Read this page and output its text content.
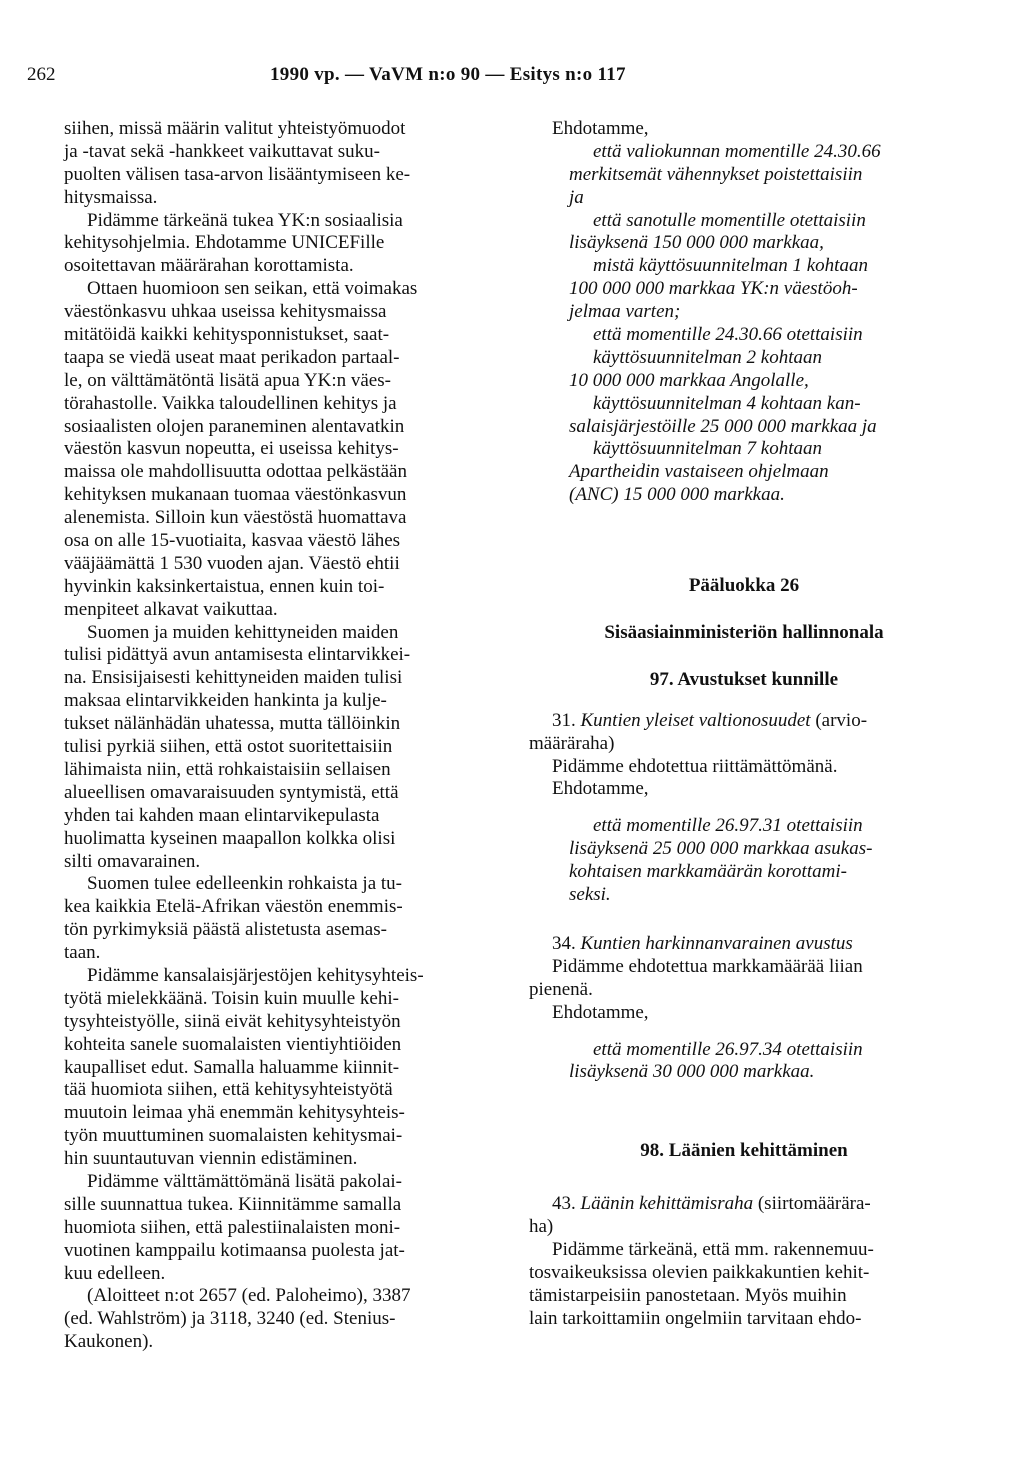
262	1990 vp. — VaVM n:o 90 — Esitys n:o 117
siihen, missä määrin valitut yhteistyömuodot
ja -tavat sekä -hankkeet vaikuttavat suku-
puolten välisen tasa-arvon lisääntymiseen ke-
hitysmaissa.
Pidämme tärkeänä tukea YK:n sosiaalisia
kehitysohjelmia. Ehdotamme UNICEFille
osoitettavan määrärahan korottamista.
Ottaen huomioon sen seikan, että voimakas
väestönkasvu uhkaa useissa kehitysmaissa
mitätöidä kaikki kehitysponnistukset, saat-
taapa se viedä useat maat perikadon partaal-
le, on välttämätöntä lisätä apua YK:n väes-
törahastolle. Vaikka taloudellinen kehitys ja
sosiaalisten olojen paraneminen alentavatkin
väestön kasvun nopeutta, ei useissa kehitys-
maissa ole mahdollisuutta odottaa pelkästään
kehityksen mukanaan tuomaa väestönkasvun
alenemista. Silloin kun väestöstä huomattava
osa on alle 15-vuotiaita, kasvaa väestö lähes
vääjäämättä 1 530 vuoden ajan. Väestö ehtii
hyvinkin kaksinkertaistua, ennen kuin toi-
menpiteet alkavat vaikuttaa.
Suomen ja muiden kehittyneiden maiden
tulisi pidättyä avun antamisesta elintarvikkei-
na. Ensisijaisesti kehittyneiden maiden tulisi
maksaa elintarvikkeiden hankinta ja kulje-
tukset nälänhädän uhatessa, mutta tällöinkin
tulisi pyrkiä siihen, että ostot suoritettaisiin
lähimaista niin, että rohkaistaisiin sellaisen
alueellisen omavaraisuuden syntymistä, että
yhden tai kahden maan elintarvikepulasta
huolimatta kyseinen maapallon kolkka olisi
silti omavarainen.
Suomen tulee edelleenkin rohkaista ja tu-
kea kaikkia Etelä-Afrikan väestön enemmis-
tön pyrkimyksiä päästä alistetusta asemas-
taan.
Pidämme kansalaisjärjestöjen kehitysyhteis-
työtä mielekkäänä. Toisin kuin muulle kehi-
tysyhteistyölle, siinä eivät kehitysyhteistyön
kohteita sanele suomalaisten vientiyhtiöiden
kaupalliset edut. Samalla haluamme kiinnit-
tää huomiota siihen, että kehitysyhteistyötä
muutoin leimaa yhä enemmän kehitysyhteis-
työn muuttuminen suomalaisten kehitysmai-
hin suuntautuvan viennin edistäminen.
Pidämme välttämättömänä lisätä pakolai-
sille suunnattua tukea. Kiinnitämme samalla
huomiota siihen, että palestiinalaisten moni-
vuotinen kamppailu kotimaansa puolesta jat-
kuu edelleen.
(Aloitteet n:ot 2657 (ed. Paloheimo), 3387
(ed. Wahlström) ja 3118, 3240 (ed. Stenius-
Kaukonen).
Ehdotamme,
että valiokunnan momentille 24.30.66
merkitsemät vähennykset poistettaisiin
ja
että sanotulle momentille otettaisiin
lisäyksenä 150 000 000 markkaa,
mistä käyttösuunnitelman 1 kohtaan
100 000 000 markkaa YK:n väestöoh-
jelmaa varten;
että momentille 24.30.66 otettaisiin
käyttösuunnitelman 2 kohtaan
10 000 000 markkaa Angolalle,
käyttösuunnitelman 4 kohtaan kan-
salaisjärjestöille 25 000 000 markkaa ja
käyttösuunnitelman 7 kohtaan
Apartheidin vastaiseen ohjelmaan
(ANC) 15 000 000 markkaa.
Pääluokka 26
Sisäasiainministeriön hallinnonala
97. Avustukset kunnille
31. Kuntien yleiset valtionosuudet (arvio-
määräraha)
Pidämme ehdotettua riittämättömänä.
Ehdotamme,
että momentille 26.97.31 otettaisiin
lisäyksenä 25 000 000 markkaa asukas-
kohtaisen markkamäärän korottami-
seksi.
34. Kuntien harkinnanvarainen avustus
Pidämme ehdotettua markkamäärää liian
pienenä.
Ehdotamme,
että momentille 26.97.34 otettaisiin
lisäyksenä 30 000 000 markkaa.
98. Läänien kehittäminen
43. Läänin kehittämisraha (siirtomäärära-
ha)
Pidämme tärkeänä, että mm. rakennemuu-
tosvaikeuksissa olevien paikkakuntien kehit-
tämistarpeisiin panostetaan. Myös muihin
lain tarkoittamiin ongelmiin tarvitaan ehdo-
